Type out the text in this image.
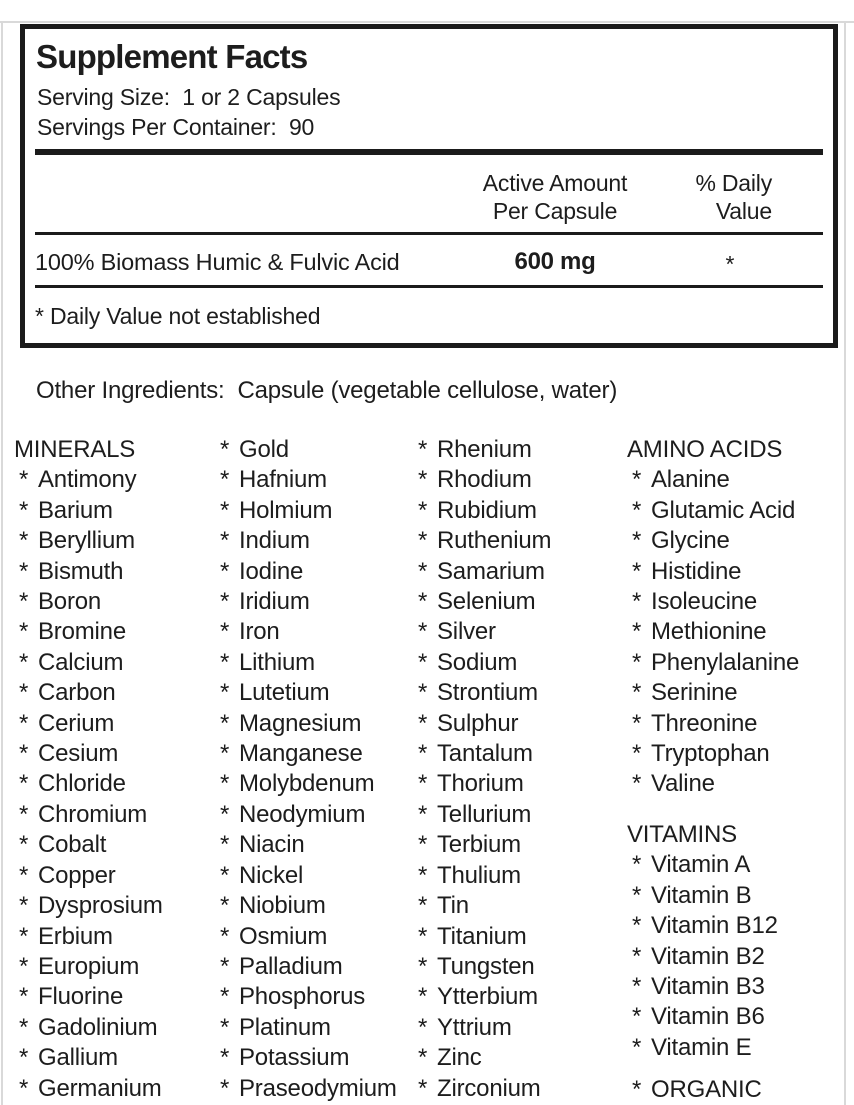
Supplement Facts
Serving Size:  1 or 2 Capsules
Servings Per Container:  90
Active Amount
Per Capsule
% Daily
Value
100% Biomass Humic & Fulvic Acid	600 mg	*
* Daily Value not established
Other Ingredients:  Capsule (vegetable cellulose, water)
MINERALS
* Antimony
* Barium
* Beryllium
* Bismuth
* Boron
* Bromine
* Calcium
* Carbon
* Cerium
* Cesium
* Chloride
* Chromium
* Cobalt
* Copper
* Dysprosium
* Erbium
* Europium
* Fluorine
* Gadolinium
* Gallium
* Germanium
* Gold
* Hafnium
* Holmium
* Indium
* Iodine
* Iridium
* Iron
* Lithium
* Lutetium
* Magnesium
* Manganese
* Molybdenum
* Neodymium
* Niacin
* Nickel
* Niobium
* Osmium
* Palladium
* Phosphorus
* Platinum
* Potassium
* Praseodymium
* Rhenium
* Rhodium
* Rubidium
* Ruthenium
* Samarium
* Selenium
* Silver
* Sodium
* Strontium
* Sulphur
* Tantalum
* Thorium
* Tellurium
* Terbium
* Thulium
* Tin
* Titanium
* Tungsten
* Ytterbium
* Yttrium
* Zinc
* Zirconium
AMINO ACIDS
* Alanine
* Glutamic Acid
* Glycine
* Histidine
* Isoleucine
* Methionine
* Phenylalanine
* Serinine
* Threonine
* Tryptophan
* Valine
VITAMINS
* Vitamin A
* Vitamin B
* Vitamin B12
* Vitamin B2
* Vitamin B3
* Vitamin B6
* Vitamin E
* ORGANIC
